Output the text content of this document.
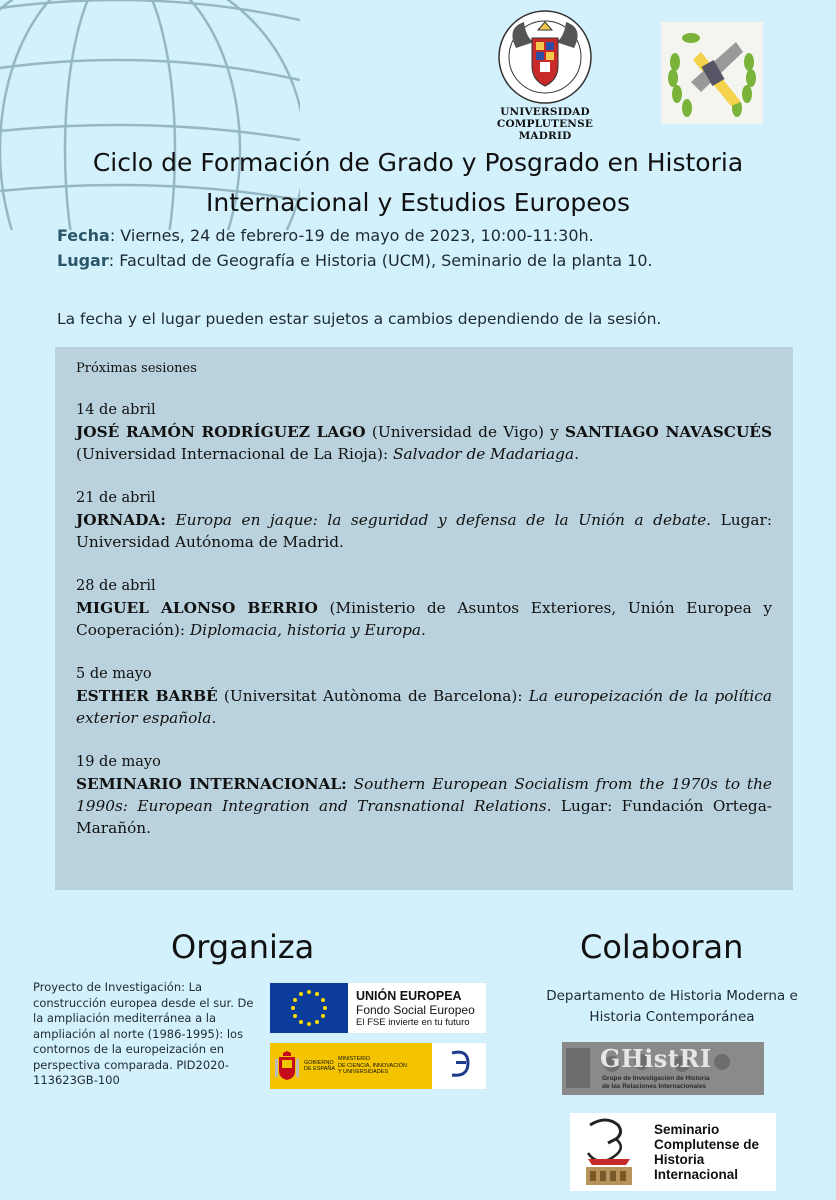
UNIVERSIDAD COMPLUTENSE
MADRID
Ciclo de Formación de Grado y Posgrado en Historia
Internacional y Estudios Europeos
Fecha: Viernes, 24 de febrero-19 de mayo de 2023, 10:00-11:30h.
Lugar: Facultad de Geografía e Historia (UCM), Seminario de la planta 10.
La fecha y el lugar pueden estar sujetos a cambios dependiendo de la sesión.
Próximas sesiones
14 de abril
JOSÉ RAMÓN RODRÍGUEZ LAGO (Universidad de Vigo) y SANTIAGO NAVASCUÉS (Universidad Internacional de La Rioja): Salvador de Madariaga.
21 de abril
JORNADA: Europa en jaque: la seguridad y defensa de la Unión a debate. Lugar: Universidad Autónoma de Madrid.
28 de abril
MIGUEL ALONSO BERRIO (Ministerio de Asuntos Exteriores, Unión Europea y Cooperación): Diplomacia, historia y Europa.
5 de mayo
ESTHER BARBÉ (Universitat Autònoma de Barcelona): La europeización de la política exterior española.
19 de mayo
SEMINARIO INTERNACIONAL: Southern European Socialism from the 1970s to the 1990s: European Integration and Transnational Relations. Lugar: Fundación Ortega-Marañón.
Organiza
Proyecto de Investigación: La construcción europea desde el sur. De la ampliación mediterránea a la ampliación al norte (1986-1995): los contornos de la europeización en perspectiva comparada. PID2020-113623GB-100
UNIÓN EUROPEA
Fondo Social Europeo
El FSE invierte en tu futuro
GOBIERNO
DE ESPAÑA
MINISTERIO
DE CIENCIA, INNOVACIÓN
Y UNIVERSIDADES
Colaboran
Departamento de Historia Moderna e
Historia Contemporánea
GHistRI
Grupo de Investigación de Historia
de las Relaciones Internacionales
Seminario
Complutense de
Historia
Internacional
